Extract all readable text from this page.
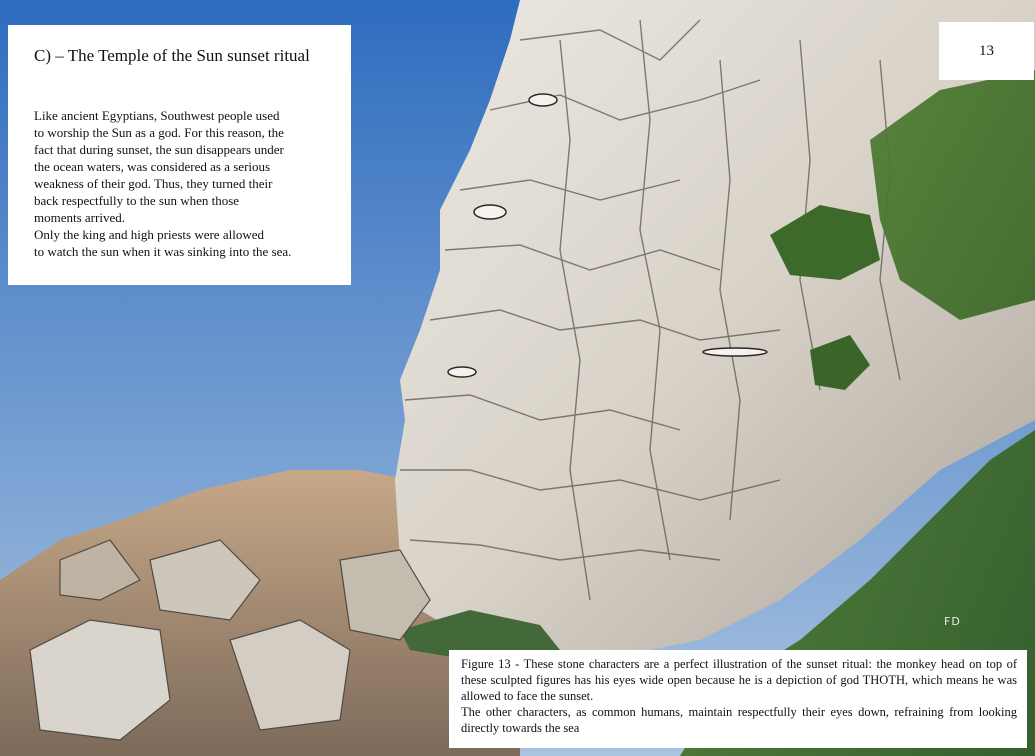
C) – The Temple of the Sun sunset ritual

Like ancient Egyptians, Southwest people used

to worship the Sun as a god. For this reason, the

fact that during sunset, the sun disappears under

the ocean waters, was considered as a serious

weakness of their god. Thus, they turned their

back respectfully to the sun when those

moments arrived.

Only the king and high priests were allowed

to watch the sun when it was sinking into the sea.

13
FD

Figure 13 - These stone characters are a perfect illustration of the sunset ritual: the monkey head on top of these sculpted figures has his eyes wide open because he is a depiction of god THOTH, which means he was allowed to face the sunset.

The other characters, as common humans, maintain respectfully their eyes down, refraining from looking directly towards the sea
